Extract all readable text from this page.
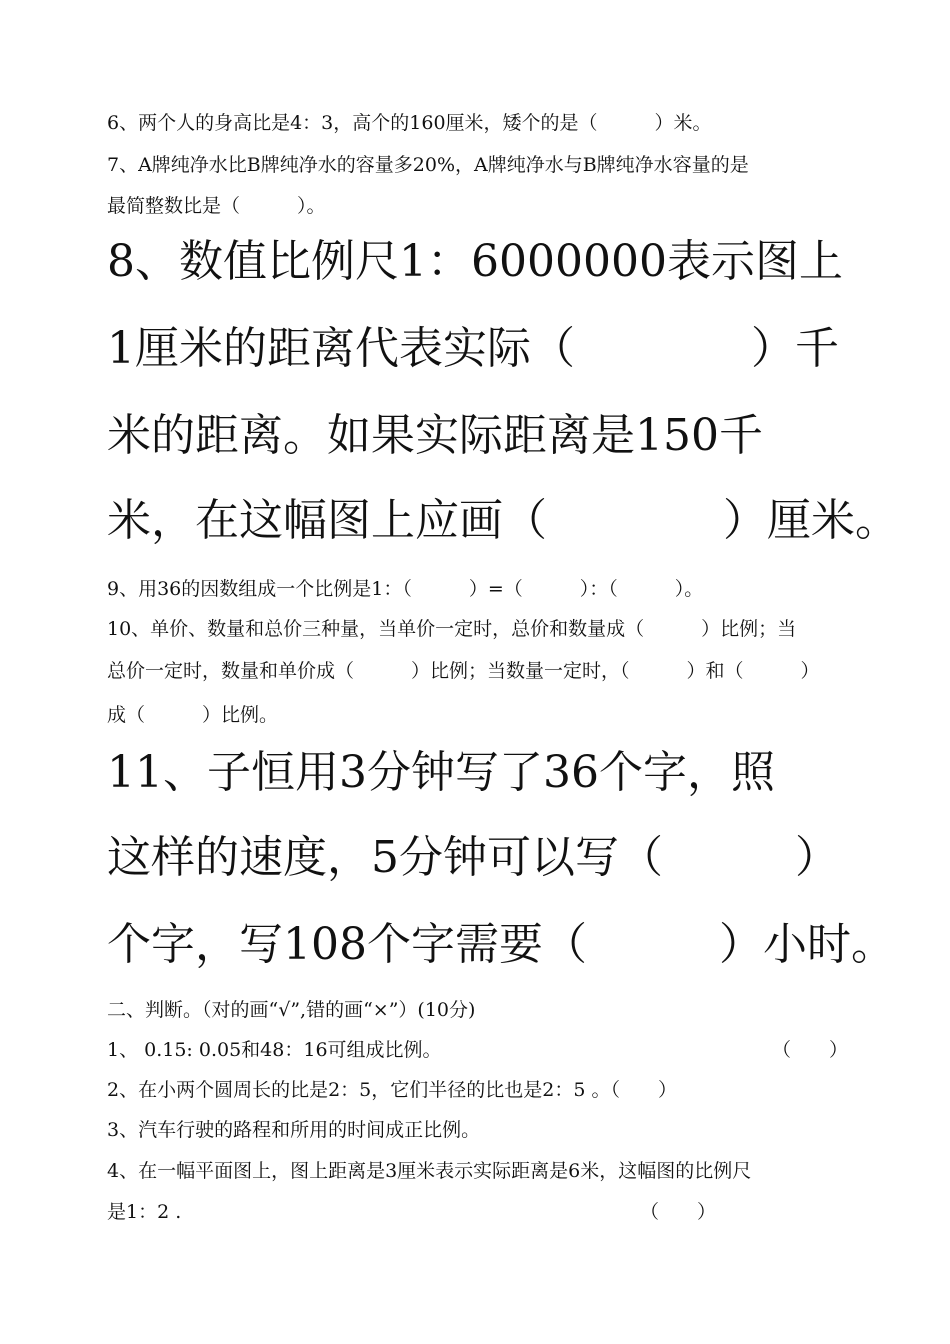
6、两个人的身高比是4：3，高个的160厘米，矮个的是（　　　）米。

7、A牌纯净水比B牌纯净水的容量多20%，A牌纯净水与B牌纯净水容量的是

最简整数比是（　　　）。

8、数值比例尺1：6000000表示图上

1厘米的距离代表实际（　　　　）千

米的距离。如果实际距离是150千

米，在这幅图上应画（　　　　）厘米。

9、用36的因数组成一个比例是1：（　　　）=（　　　）：（　　　）。

10、单价、数量和总价三种量，当单价一定时，总价和数量成（　　　）比例；当

总价一定时，数量和单价成（　　　）比例；当数量一定时，（　　　）和（　　　）

成（　　　）比例。

11、子恒用3分钟写了36个字，照

这样的速度，5分钟可以写（　　　）

个字，写108个字需要（　　　）小时。

二、判断。（对的画“√”,错的画“×”）(10分)

1、 0.15: 0.05和48：16可组成比例。	（　　）

2、在小两个圆周长的比是2：5，它们半径的比也是2：5 。（　　）

3、汽车行驶的路程和所用的时间成正比例。

4、在一幅平面图上，图上距离是3厘米表示实际距离是6米，这幅图的比例尺

是1：2 .	（　　）
